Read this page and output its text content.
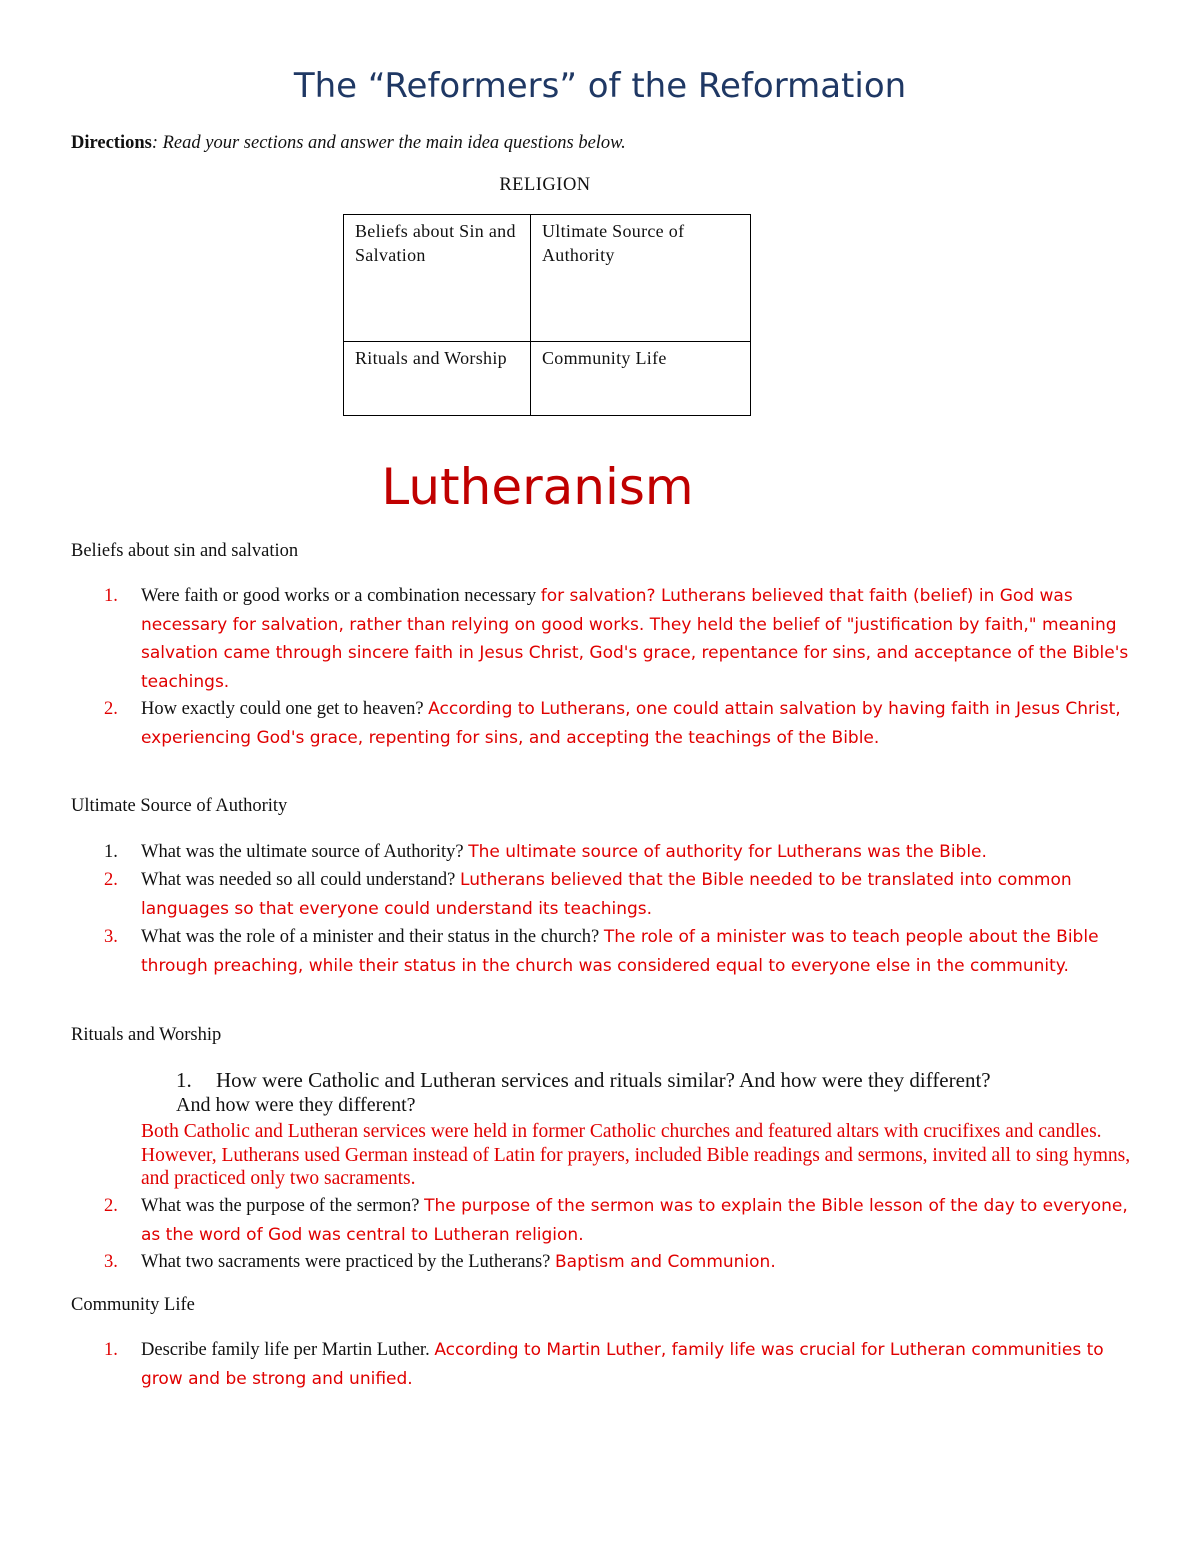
The “Reformers” of the Reformation
Directions: Read your sections and answer the main idea questions below.
RELIGION
Beliefs about Sin and Salvation	Ultimate Source of Authority
Rituals and Worship	Community Life
Lutheranism
Beliefs about sin and salvation
1.	Were faith or good works or a combination necessary for salvation? Lutherans believed that faith (belief) in God was necessary for salvation, rather than relying on good works. They held the belief of "justification by faith," meaning salvation came through sincere faith in Jesus Christ, God's grace, repentance for sins, and acceptance of the Bible's teachings.
2.	How exactly could one get to heaven? According to Lutherans, one could attain salvation by having faith in Jesus Christ, experiencing God's grace, repenting for sins, and accepting the teachings of the Bible.
Ultimate Source of Authority
1.	What was the ultimate source of Authority? The ultimate source of authority for Lutherans was the Bible.
2.	What was needed so all could understand? Lutherans believed that the Bible needed to be translated into common languages so that everyone could understand its teachings.
3.	What was the role of a minister and their status in the church? The role of a minister was to teach people about the Bible through preaching, while their status in the church was considered equal to everyone else in the community.
Rituals and Worship
1. How were Catholic and Lutheran services and rituals similar? And how were they different?
And how were they different?
Both Catholic and Lutheran services were held in former Catholic churches and featured altars with crucifixes and candles. However, Lutherans used German instead of Latin for prayers, included Bible readings and sermons, invited all to sing hymns, and practiced only two sacraments.
2.	What was the purpose of the sermon? The purpose of the sermon was to explain the Bible lesson of the day to everyone, as the word of God was central to Lutheran religion.
3.	What two sacraments were practiced by the Lutherans? Baptism and Communion.
Community Life
1.	Describe family life per Martin Luther. According to Martin Luther, family life was crucial for Lutheran communities to grow and be strong and unified.
